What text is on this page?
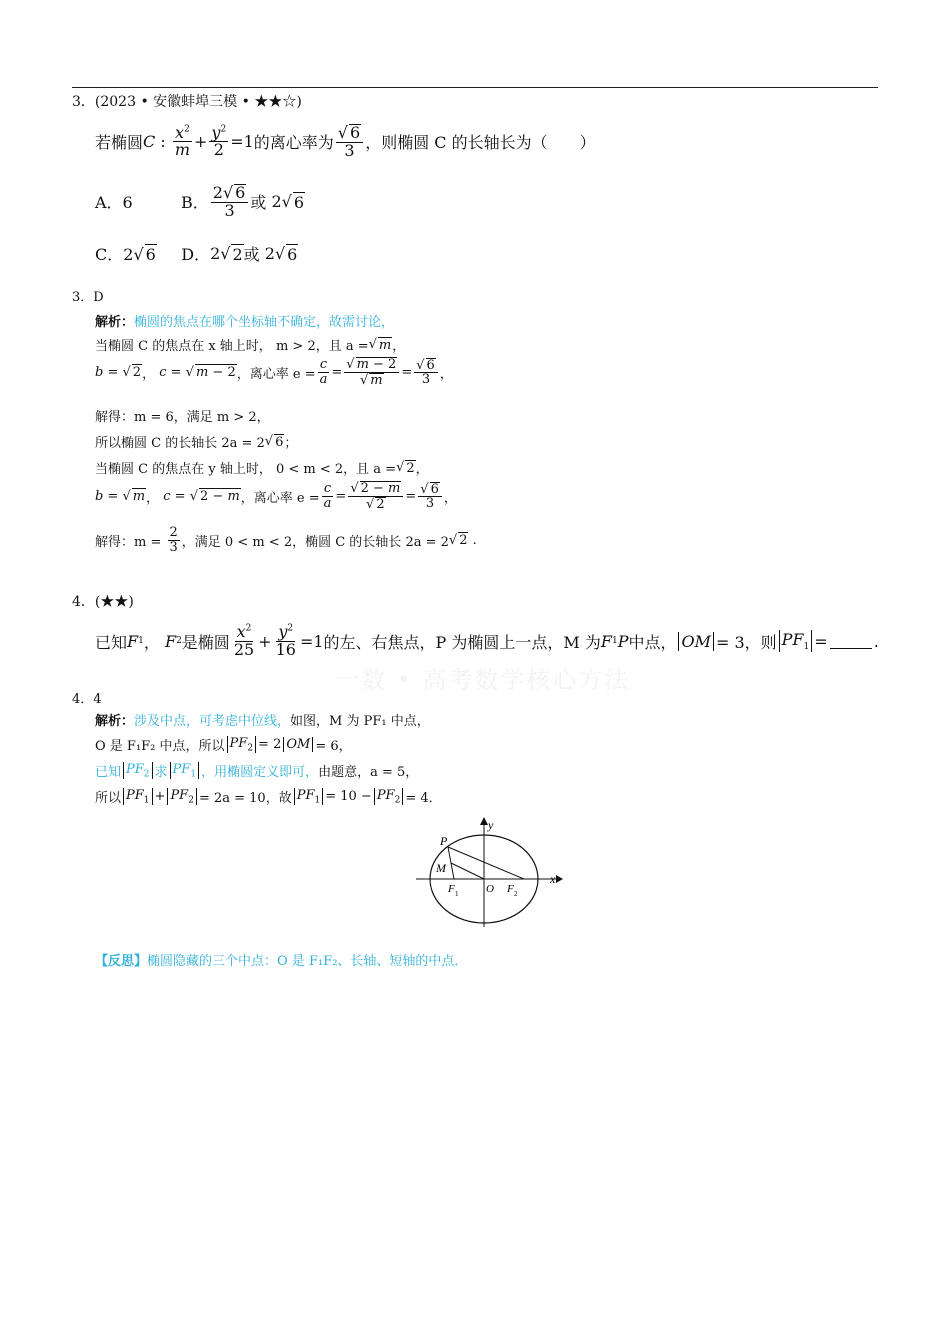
3．(2023 • 安徽蚌埠三模 • ★★☆)
若椭圆 C : $\frac{x^2}{m} + \frac{y^2}{2} =1$ 的离心率为 √ $\frac{6}{3}$ ，则椭圆 C 的长轴长为（　　）
A．6	B． $\frac{2 √ 6}{3}$ 或 2 √ 6
C． 2 √ 6	D． 2 √ 2 或 2 √ 6
3．D
解析： 椭圆的焦点在哪个坐标轴不确定，故需讨论，
当椭圆 C 的焦点在 x 轴上时，
m > 2，且 a = √ m ，
b = √ 2 ， c = √ m − 2 ，离心率 $e = \frac{c}{a}$ = √ m − 2
√ m = √ $\frac{6}{3}$ ，
解得：m = 6，满足 m > 2，
所以椭圆 C 的长轴长 2a = 2 √ 6 ；
当椭圆 C 的焦点在 y 轴上时，
0 < m < 2，且 a = √ 2 ，
b = √ m ， c = √ 2 − m ，离心率 $e = \frac{c}{a}$ = √ 2 − m
√ 2 = √ $\frac{6}{3}$ ，
解得：m =
$\frac{2}{3}$ ，满足 0 < m < 2，椭圆 C 的长轴长 2a = 2 √ 2 .
4．(★★)
已知 F 1 ， F 2 是椭圆 $\frac{x^2}{25} + \frac{y^2}{16} =1$ 的左、右焦点，P 为椭圆上一点，M 为 F 1 P 中点， OM = 3，则 $PF_1$ =	.
一数 • 高考数学核心方法
4．4
解析： 涉及中点，可考虑中位线， 如图，M 为 PF₁ 中点，
O 是 F₁F₂ 中点，所以 $PF_2 = 2$ OM = 6，
已知 $PF_2$ 求 $PF_1$ ，用椭圆定义即可， 由题意，a = 5，
所以 $PF_1 + PF_2 = 2a = 10$，故 $PF_1 = 10 - PF_2 = 4$．
P
M
F 1	O F 2
x
y
【反思】 椭圆隐藏的三个中点：O 是 F₁F₂、长轴、短轴的中点．
